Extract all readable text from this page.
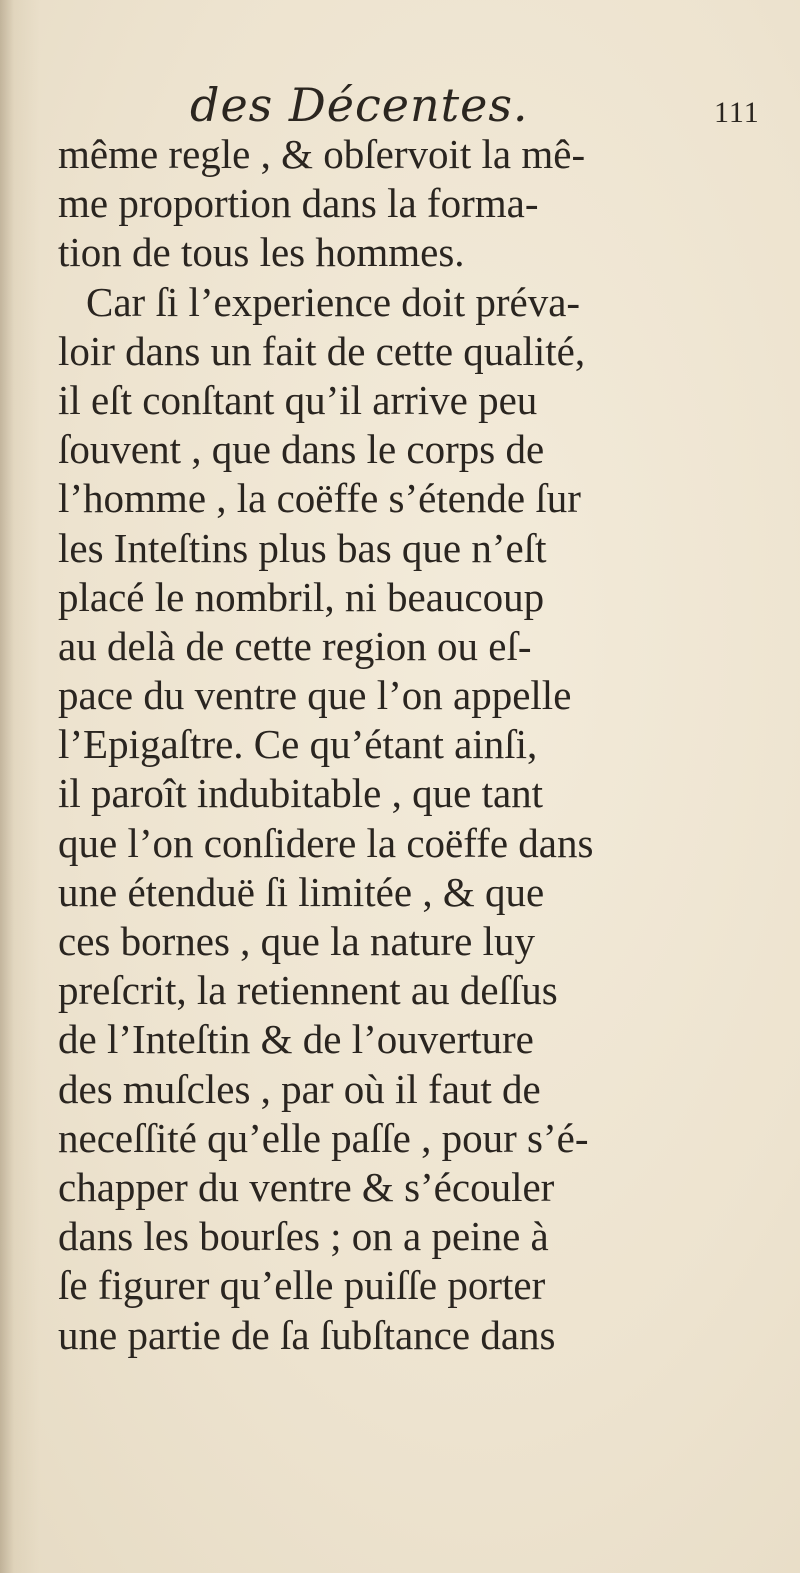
des Décentes.	111
même regle , & obſervoit la mê-
me proportion dans la forma-
tion de tous les hommes.
Car ſi l’experience doit préva-
loir dans un fait de cette qualité,
il eſt conſtant qu’il arrive peu
ſouvent , que dans le corps de
l’homme , la coëffe s’étende ſur
les Inteſtins plus bas que n’eſt
placé le nombril, ni beaucoup
au delà de cette region ou eſ-
pace du ventre que l’on appelle
l’Epigaſtre. Ce qu’étant ainſi,
il paroît indubitable , que tant
que l’on conſidere la coëffe dans
une étenduë ſi limitée , & que
ces bornes , que la nature luy
preſcrit, la retiennent au deſſus
de l’Inteſtin & de l’ouverture
des muſcles , par où il faut de
neceſſité qu’elle paſſe , pour s’é-
chapper du ventre & s’écouler
dans les bourſes ; on a peine à
ſe figurer qu’elle puiſſe porter
une partie de ſa ſubſtance dans
